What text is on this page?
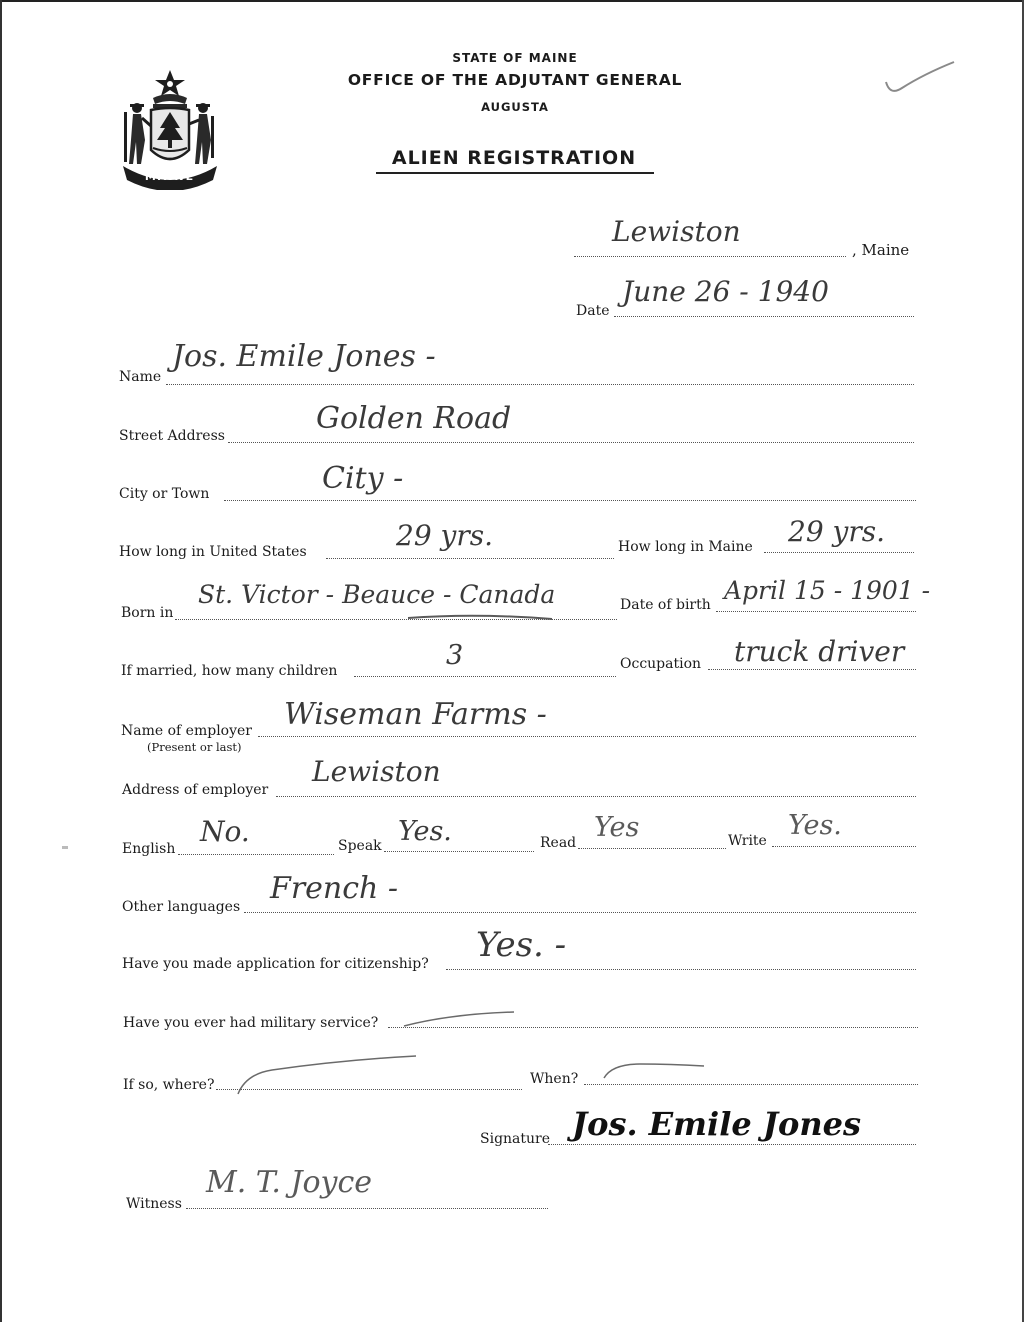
MAINE
STATE OF MAINE
OFFICE OF THE ADJUTANT GENERAL
AUGUSTA
ALIEN REGISTRATION
Lewiston
, Maine
Date
June 26 - 1940
Name
Jos. Emile Jones -
Street Address	Golden Road
City or Town	City -
How long in United States	29 yrs.	How long in Maine 29 yrs.
Born in
St. Victor - Beauce - Canada	Date of birth April 15 - 1901 -
If married, how many children	3	Occupation truck driver
Name of employer
(Present or last)
Wiseman Farms -
Address of employer
Lewiston
English
No.	Speak Yes.	Read Yes	Write Yes.
Other languages
French -
Have you made application for citizenship? Yes. -
Have you ever had military service?
If so, where?	When?
Signature Jos. Emile Jones
Witness
M. T. Joyce
